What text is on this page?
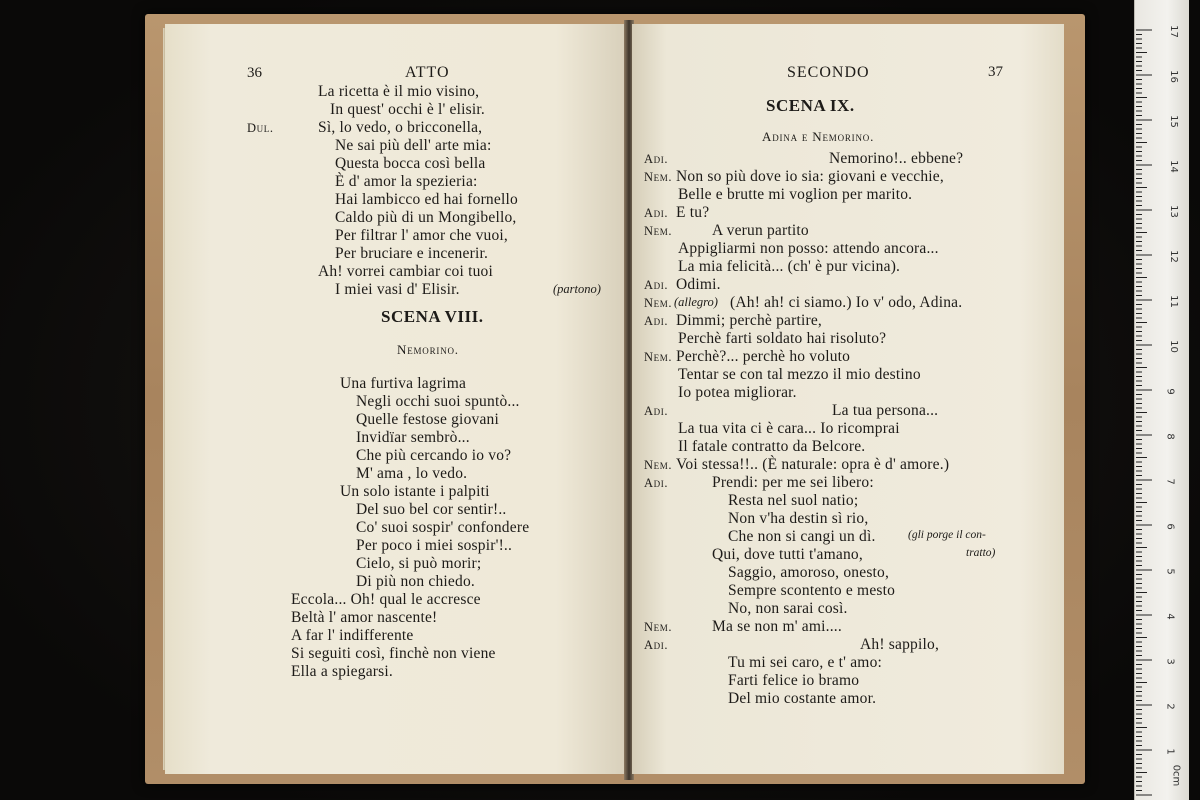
36	ATTO
La ricetta è il mio visino,
In quest' occhi è l' elisir.
Dul.	Sì, lo vedo, o bricconella,
Ne sai più dell' arte mia:
Questa bocca così bella
È d' amor la spezieria:
Hai lambicco ed hai fornello
Caldo più di un Mongibello,
Per filtrar l' amor che vuoi,
Per bruciare e incenerir.
Ah! vorrei cambiar coi tuoi
I miei vasi d' Elisir.	(partono)
SCENA VIII.
Nemorino.
Una furtiva lagrima
Negli occhi suoi spuntò...
Quelle festose giovani
Invidïar sembrò...
Che più cercando io vo?
M' ama , lo vedo.
Un solo istante i palpiti
Del suo bel cor sentir!..
Co' suoi sospir' confondere
Per poco i miei sospir'!..
Cielo, si può morir;
Di più non chiedo.
Eccola... Oh! qual le accresce
Beltà l' amor nascente!
A far l' indifferente
Si seguiti così, finchè non viene
Ella a spiegarsi.
SECONDO	37
SCENA IX.
Adina e Nemorino.
Adi.	Nemorino!.. ebbene?
Nem. Non so più dove io sia: giovani e vecchie,
Belle e brutte mi voglion per marito.
Adi. E tu?
Nem.	A verun partito
Appigliarmi non posso: attendo ancora...
La mia felicità... (ch' è pur vicina).
Adi. Odimi.
Nem. (allegro) (Ah! ah! ci siamo.) Io v' odo, Adina.
Adi. Dimmi; perchè partire,
Perchè farti soldato hai risoluto?
Nem. Perchè?... perchè ho voluto
Tentar se con tal mezzo il mio destino
Io potea migliorar.
Adi.	La tua persona...
La tua vita ci è cara... Io ricomprai
Il fatale contratto da Belcore.
Nem. Voi stessa!!.. (È naturale: opra è d' amore.)
Adi.	Prendi: per me sei libero:
Resta nel suol natio;
Non v'ha destin sì rio,
Che non si cangi un dì.	(gli porge il con-
Qui, dove tutti t'amano,	tratto)
Saggio, amoroso, onesto,
Sempre scontento e mesto
No, non sarai così.
Nem.	Ma se non m' ami....
Adi.	Ah! sappilo,
Tu mi sei caro, e t' amo:
Farti felice io bramo
Del mio costante amor.
17
16
15
14
13
12
11
10
9
8
7
6
5
4
3
2
1
0cm
